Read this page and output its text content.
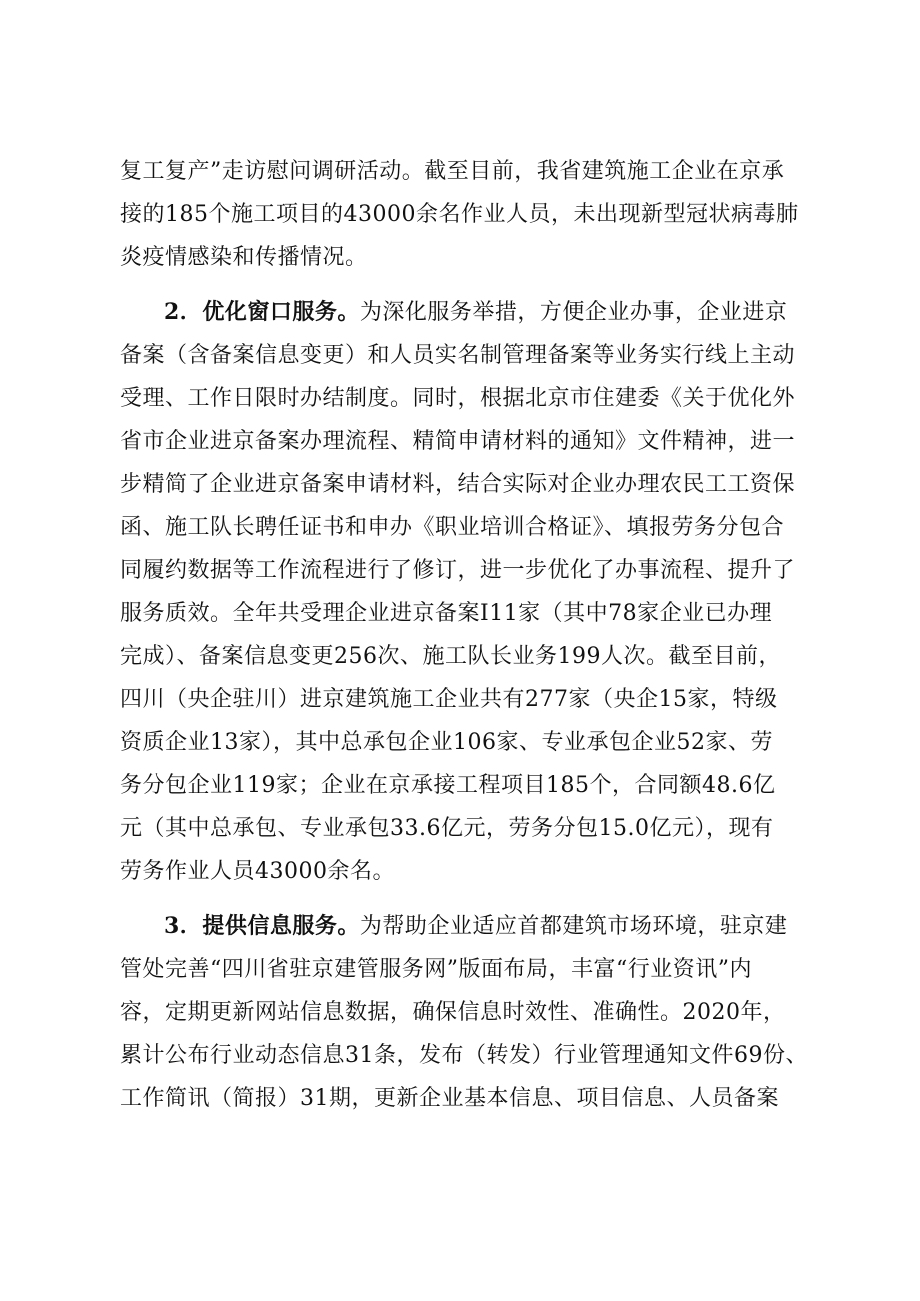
复工复产”走访慰问调研活动。截至目前，我省建筑施工企业在京承
接的185个施工项目的43000余名作业人员，未出现新型冠状病毒肺
炎疫情感染和传播情况。
2．优化窗口服务。为深化服务举措，方便企业办事，企业进京
备案（含备案信息变更）和人员实名制管理备案等业务实行线上主动
受理、工作日限时办结制度。同时，根据北京市住建委《关于优化外
省市企业进京备案办理流程、精简申请材料的通知》文件精神，进一
步精简了企业进京备案申请材料，结合实际对企业办理农民工工资保
函、施工队长聘任证书和申办《职业培训合格证》、填报劳务分包合
同履约数据等工作流程进行了修订，进一步优化了办事流程、提升了
服务质效。全年共受理企业进京备案I11家（其中78家企业已办理
完成）、备案信息变更256次、施工队长业务199人次。截至目前，
四川（央企驻川）进京建筑施工企业共有277家（央企15家，特级
资质企业13家），其中总承包企业106家、专业承包企业52家、劳
务分包企业119家；企业在京承接工程项目185个，合同额48.6亿
元（其中总承包、专业承包33.6亿元，劳务分包15.0亿元），现有
劳务作业人员43000余名。
3．提供信息服务。为帮助企业适应首都建筑市场环境，驻京建
管处完善“四川省驻京建管服务网”版面布局，丰富“行业资讯”内
容，定期更新网站信息数据，确保信息时效性、准确性。2020年，
累计公布行业动态信息31条，发布（转发）行业管理通知文件69份、
工作简讯（简报）31期，更新企业基本信息、项目信息、人员备案
